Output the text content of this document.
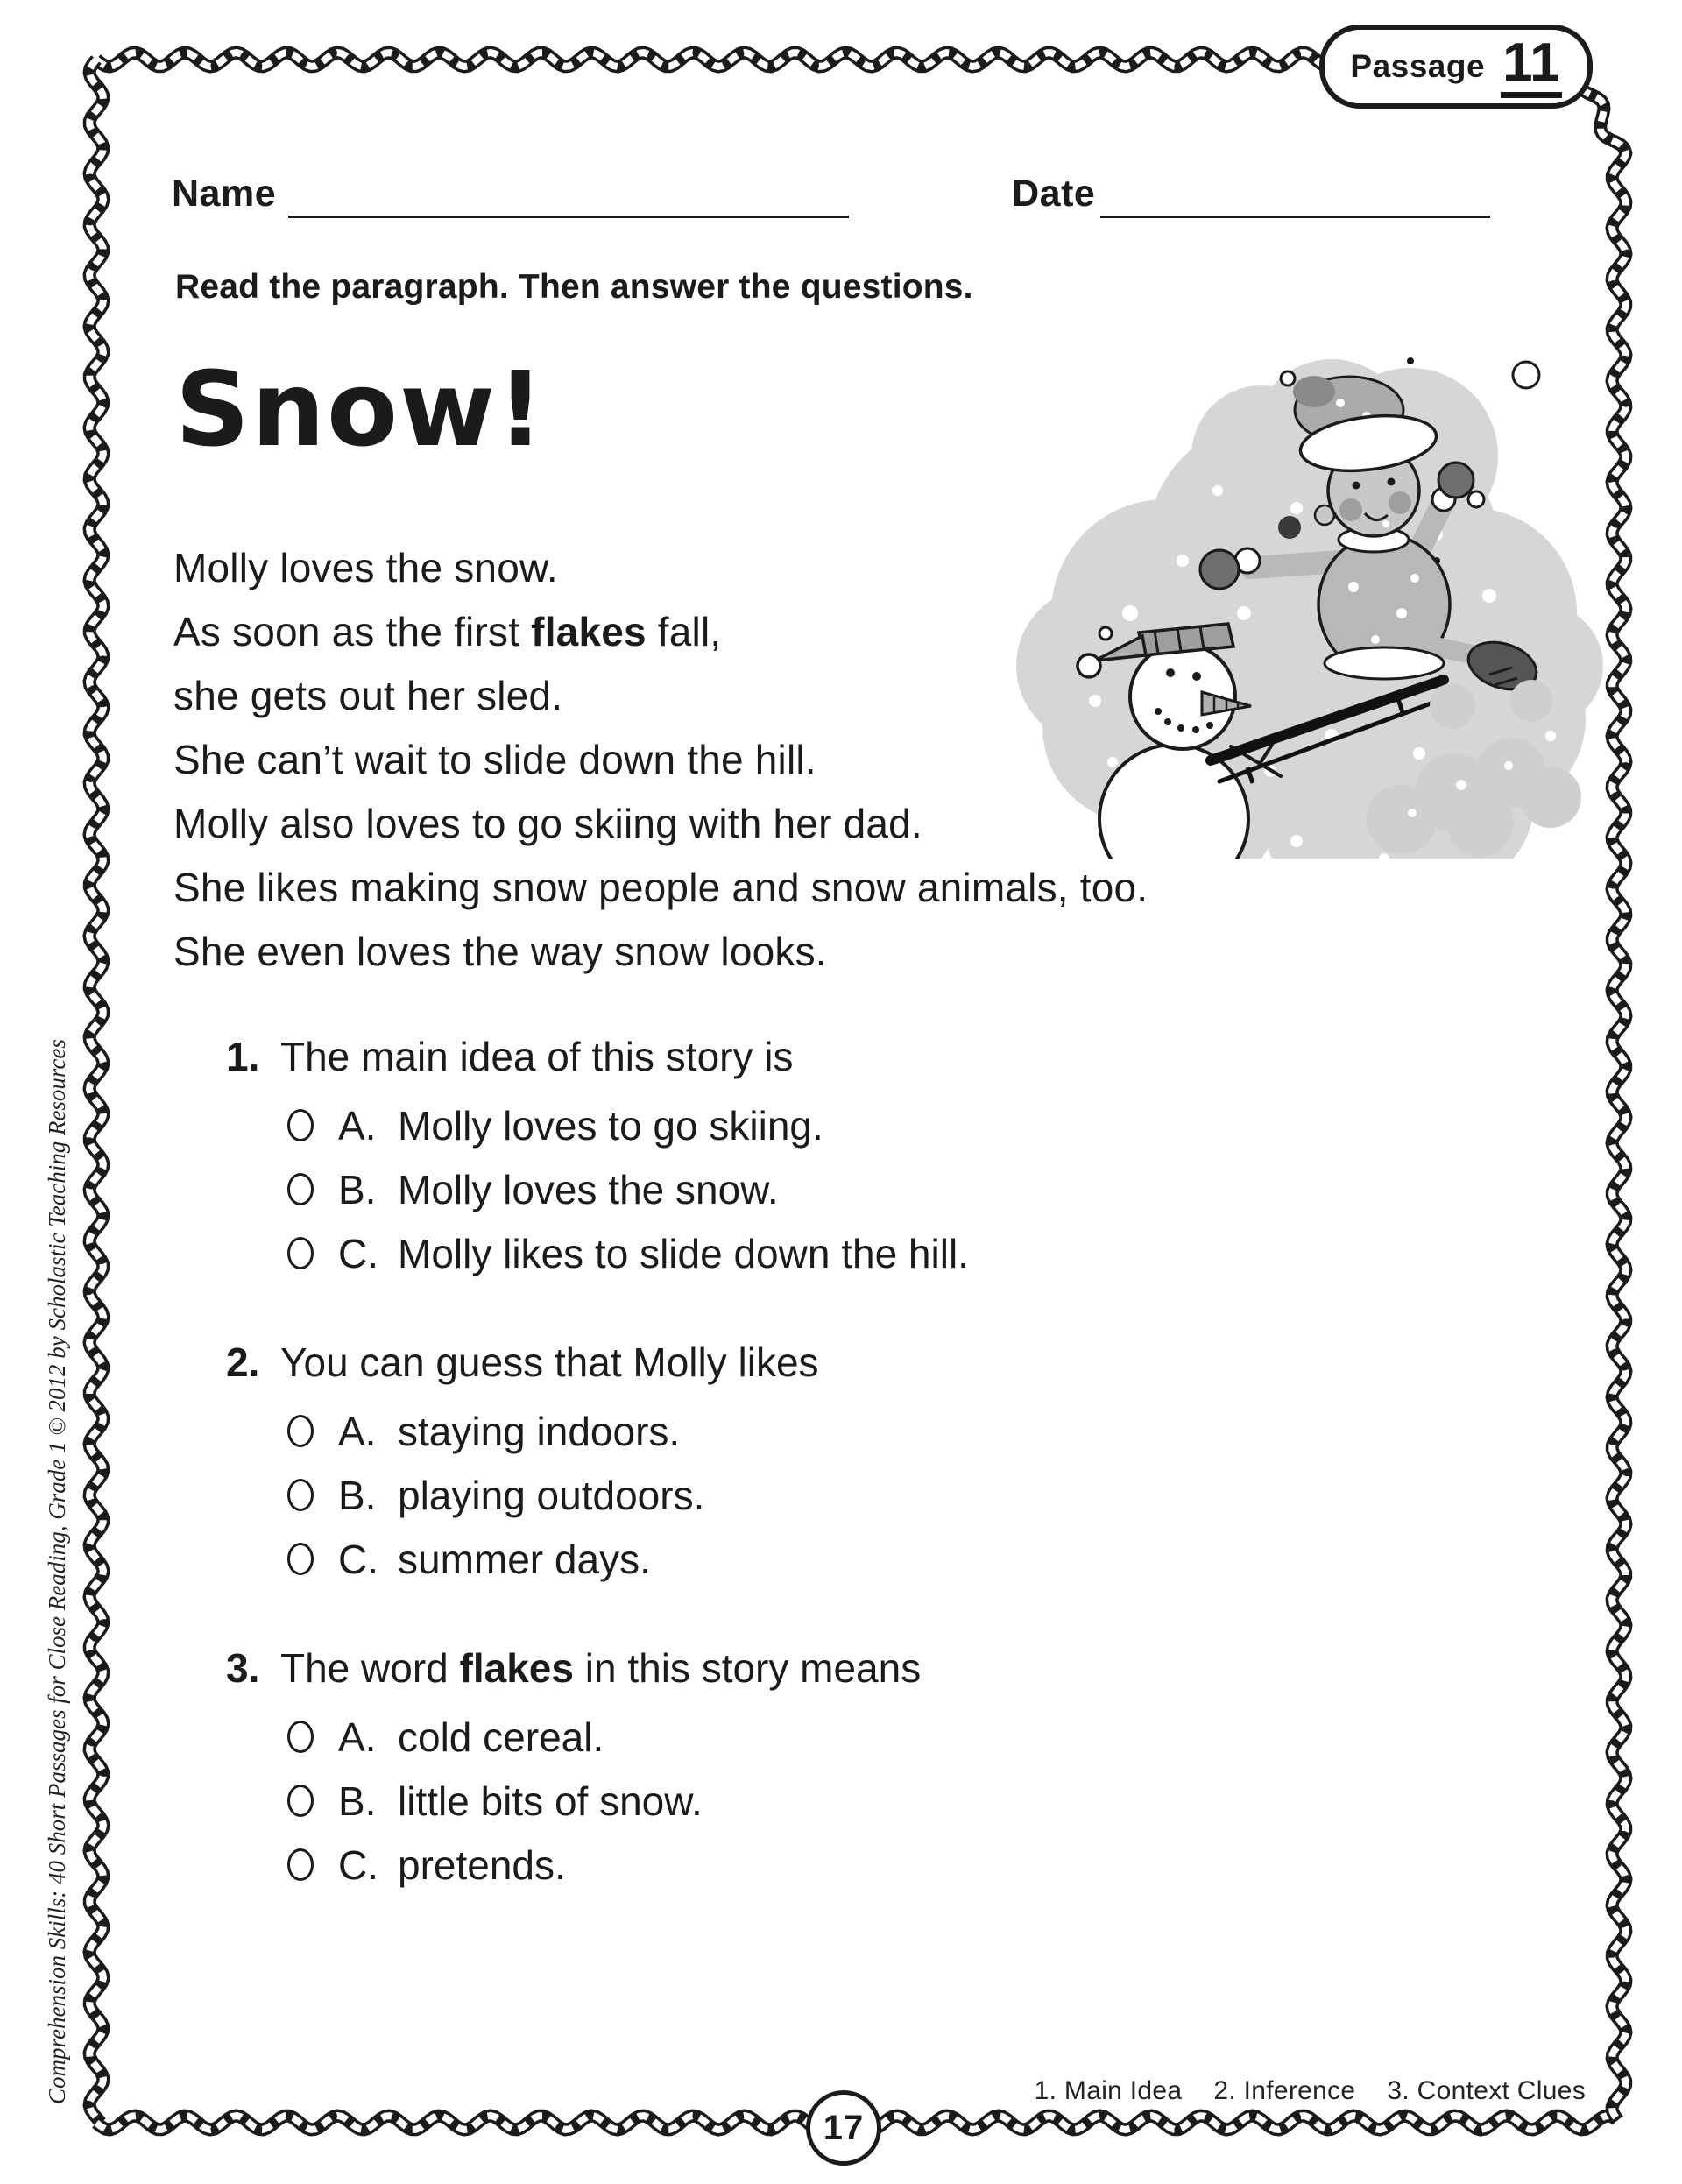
Passage 11
Name	Date
Read the paragraph. Then answer the questions.
Snow!
Molly loves the snow.
As soon as the first flakes fall,
she gets out her sled.
She can’t wait to slide down the hill.
Molly also loves to go skiing with her dad.
She likes making snow people and snow animals, too.
She even loves the way snow looks.
1. The main idea of this story is
A. Molly loves to go skiing.
B. Molly loves the snow.
C. Molly likes to slide down the hill.
2. You can guess that Molly likes
A. staying indoors.
B. playing outdoors.
C. summer days.
3. The word flakes in this story means
A. cold cereal.
B. little bits of snow.
C. pretends.
1. Main Idea 2. Inference 3. Context Clues
17
Comprehension Skills: 40 Short Passages for Close Reading, Grade 1 © 2012 by Scholastic Teaching Resources
